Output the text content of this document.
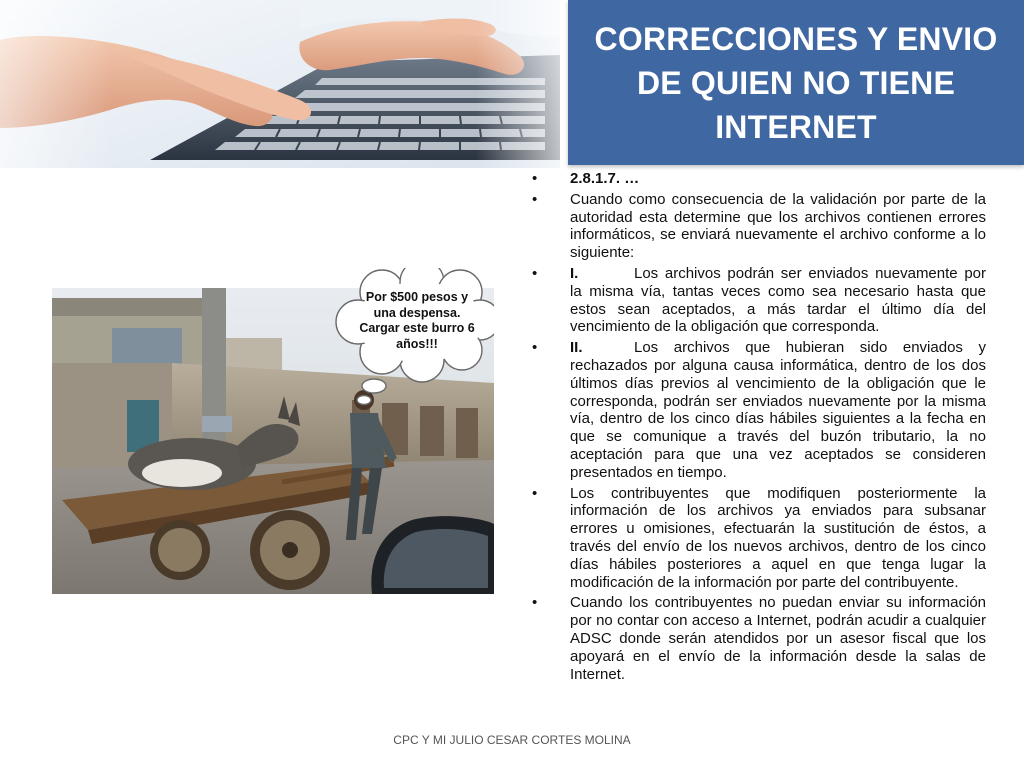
CORRECCIONES Y ENVIO DE QUIEN NO TIENE INTERNET
Por $500 pesos y una despensa. Cargar este burro 6 años!!!
• 2.8.1.7. …
• Cuando como consecuencia de la validación por parte de la autoridad esta determine que los archivos contienen errores informáticos, se enviará nuevamente el archivo conforme a lo siguiente:
• I.	Los archivos podrán ser enviados nuevamente por la misma vía, tantas veces como sea necesario hasta que estos sean aceptados, a más tardar el último día del vencimiento de la obligación que corresponda.
• II.	Los archivos que hubieran sido enviados y rechazados por alguna causa informática, dentro de los dos últimos días previos al vencimiento de la obligación que le corresponda, podrán ser enviados nuevamente por la misma vía, dentro de los cinco días hábiles siguientes a la fecha en que se comunique a través del buzón tributario, la no aceptación para que una vez aceptados se consideren presentados en tiempo.
• Los contribuyentes que modifiquen posteriormente la información de los archivos ya enviados para subsanar errores u omisiones, efectuarán la sustitución de éstos, a través del envío de los nuevos archivos, dentro de los cinco días hábiles posteriores a aquel en que tenga lugar la modificación de la información por parte del contribuyente.
• Cuando los contribuyentes no puedan enviar su información por no contar con acceso a Internet, podrán acudir a cualquier ADSC donde serán atendidos por un asesor fiscal que los apoyará en el envío de la información desde la salas de Internet.
CPC Y MI JULIO CESAR CORTES MOLINA
